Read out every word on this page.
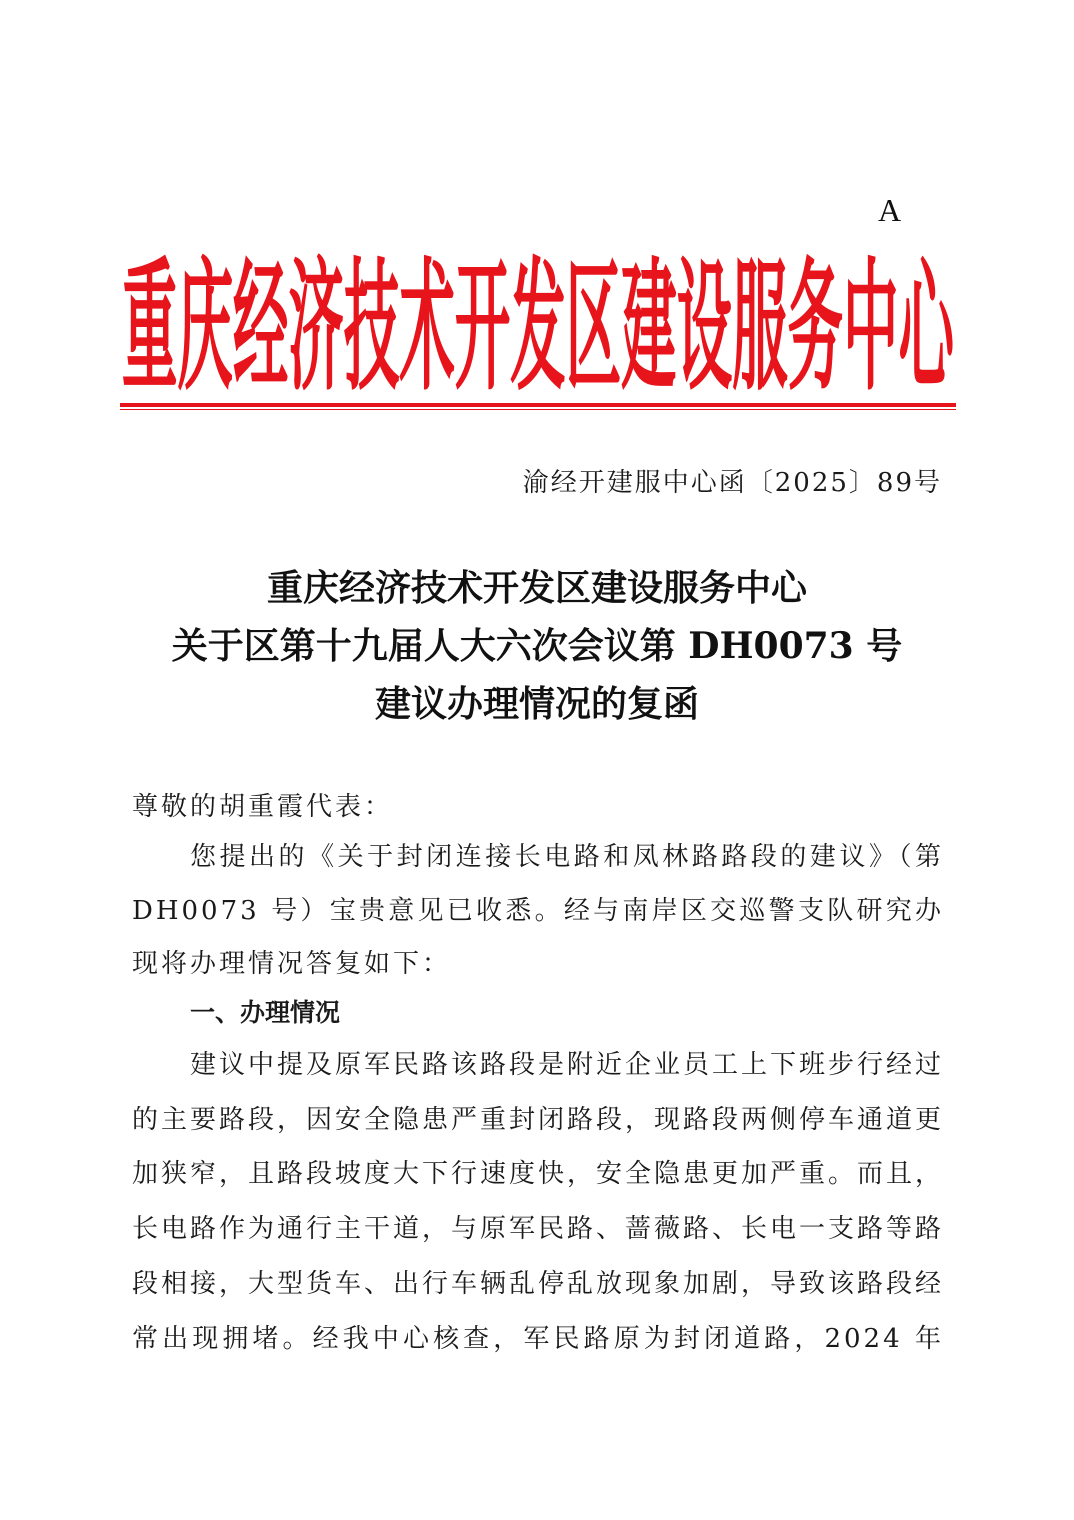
A
重庆经济技术开发区建设服务中心
渝经开建服中心函〔2025〕89号
重庆经济技术开发区建设服务中心
关于区第十九届人大六次会议第 DH0073 号
建议办理情况的复函
尊敬的胡重霞代表：
您提出的《关于封闭连接长电路和凤林路路段的建议》（第
DH0073 号）宝贵意见已收悉。经与南岸区交巡警支队研究办
现将办理情况答复如下：
一、办理情况
建议中提及原军民路该路段是附近企业员工上下班步行经过
的主要路段，因安全隐患严重封闭路段，现路段两侧停车通道更
加狭窄，且路段坡度大下行速度快，安全隐患更加严重。而且，
长电路作为通行主干道，与原军民路、蔷薇路、长电一支路等路
段相接，大型货车、出行车辆乱停乱放现象加剧，导致该路段经
常出现拥堵。经我中心核查，军民路原为封闭道路，2024 年
